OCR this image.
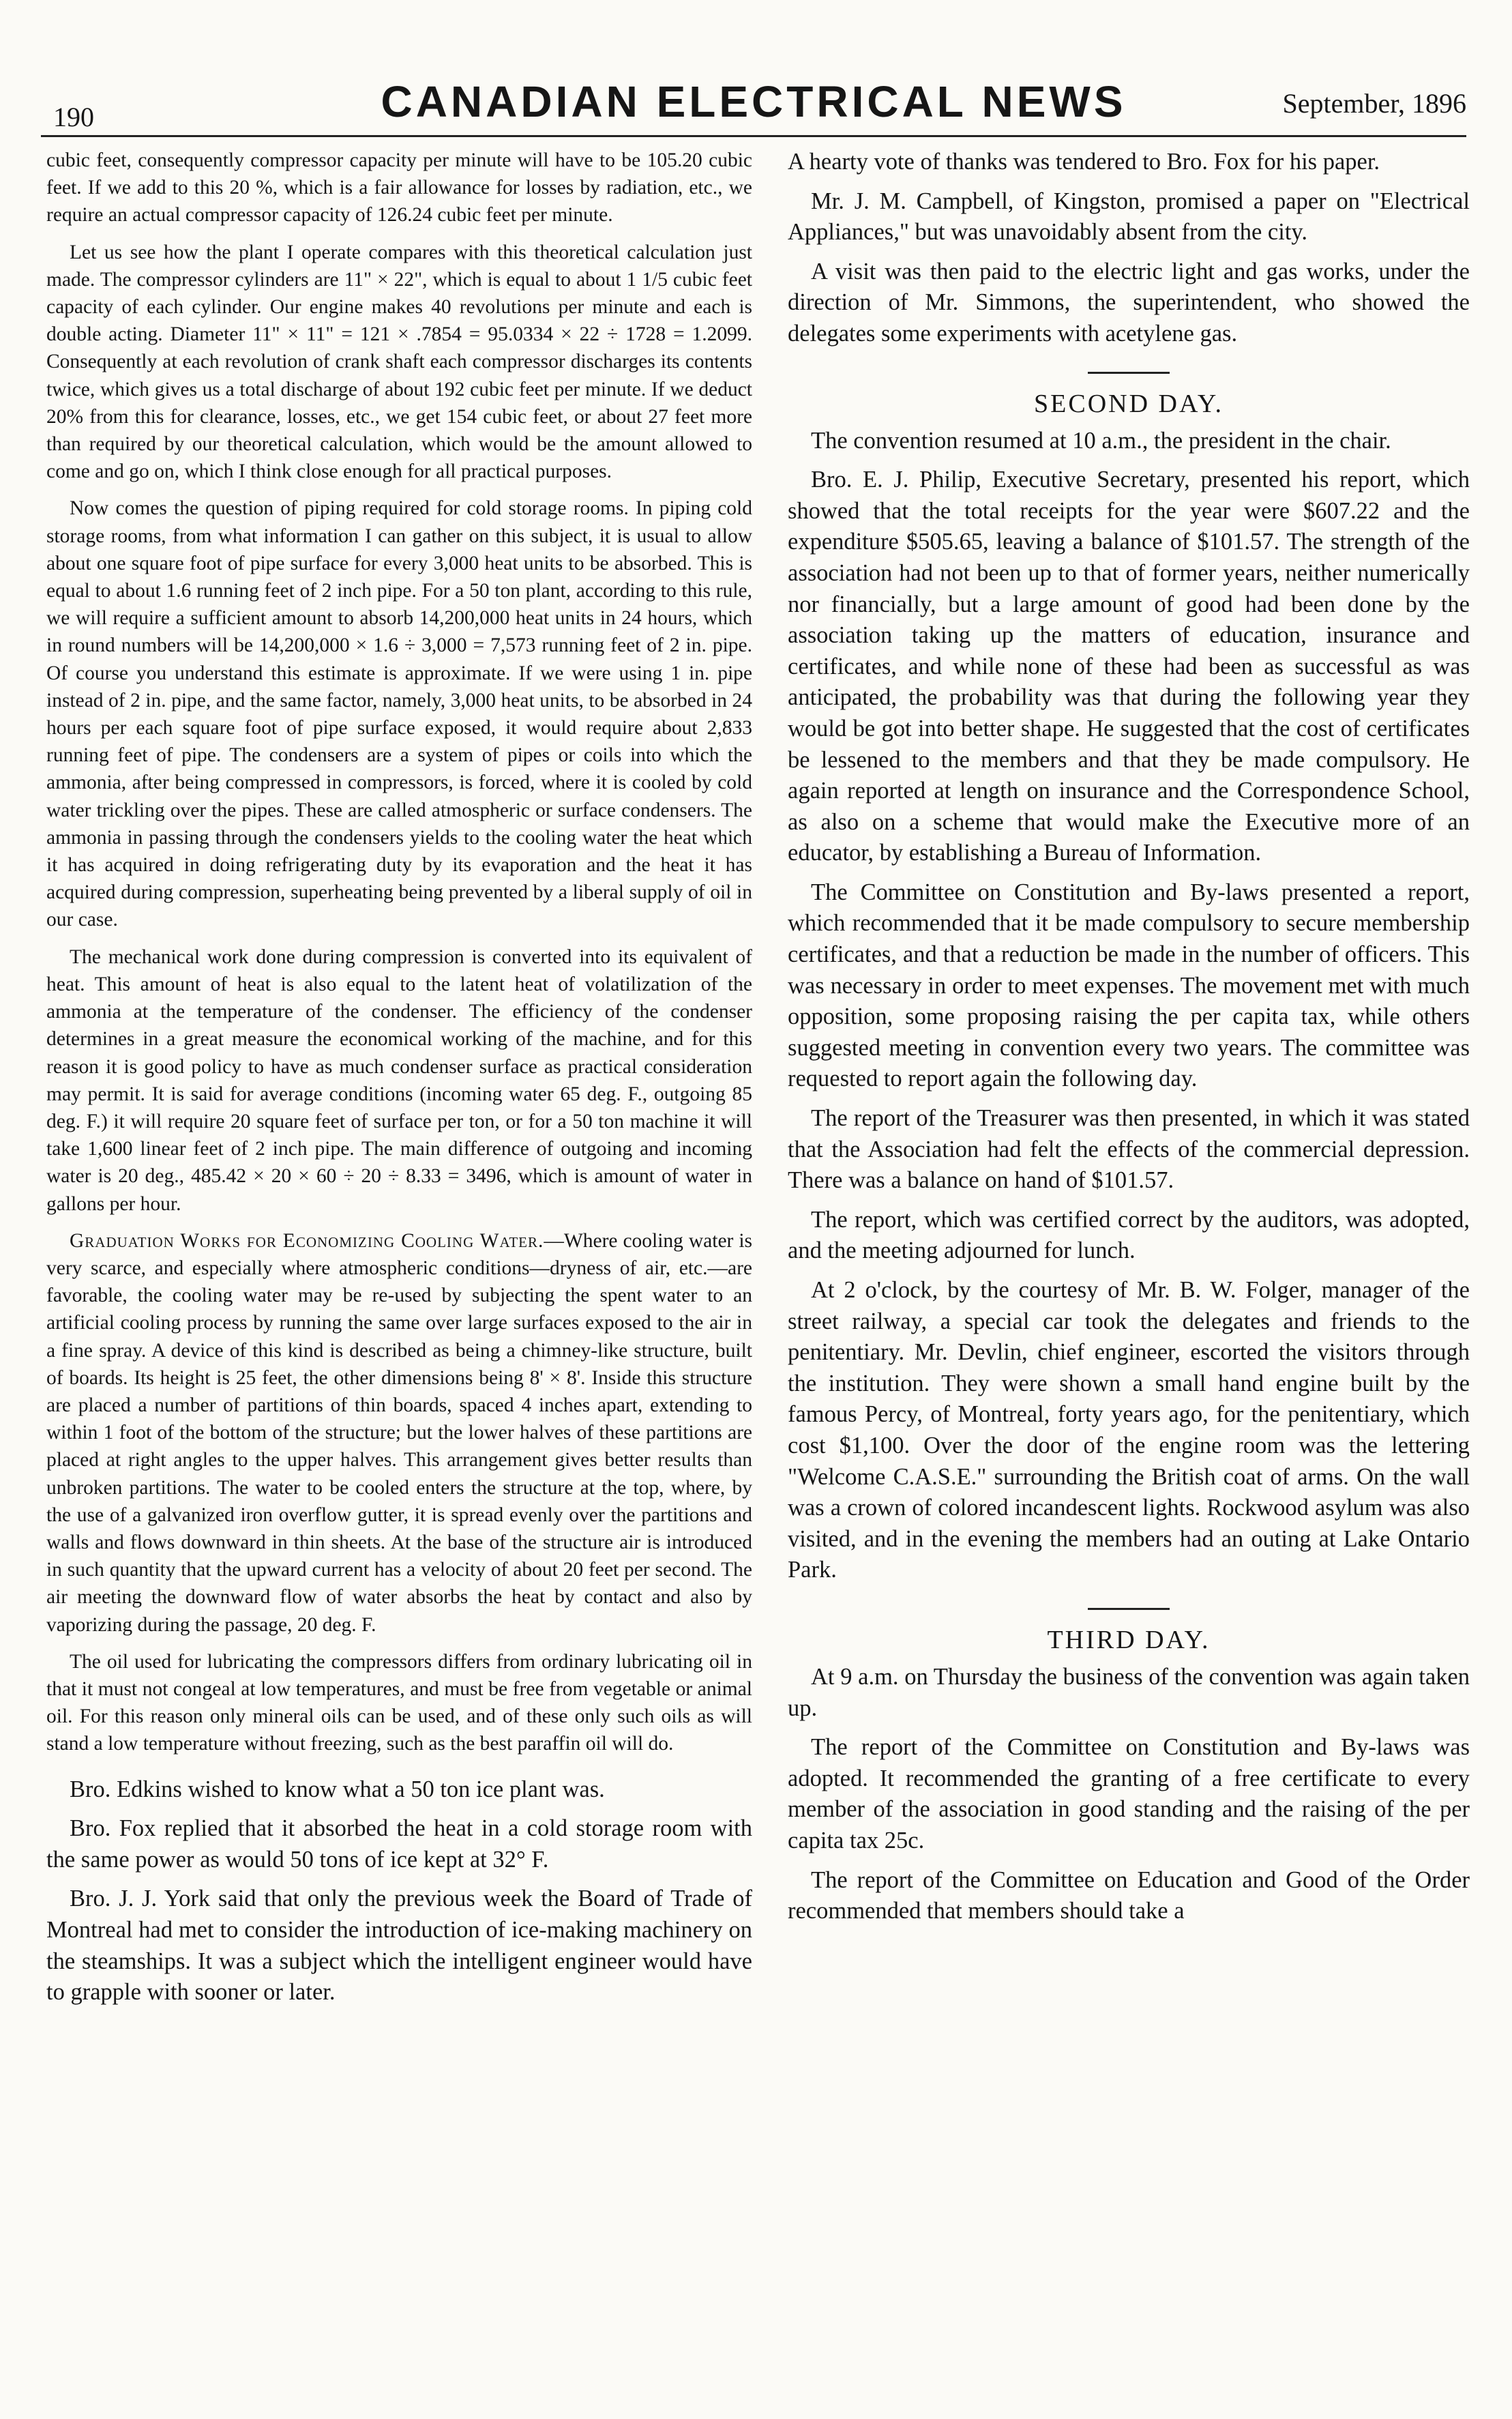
190	CANADIAN ELECTRICAL NEWS	September, 1896

cubic feet, consequently compressor capacity per minute will have to be 105.20 cubic feet. If we add to this 20 %, which is a fair allowance for losses by radiation, etc., we require an actual compressor capacity of 126.24 cubic feet per minute.

Let us see how the plant I operate compares with this theoretical calculation just made. The compressor cylinders are 11" × 22", which is equal to about 1 1/5 cubic feet capacity of each cylinder. Our engine makes 40 revolutions per minute and each is double acting. Diameter 11" × 11" = 121 × .7854 = 95.0334 × 22 ÷ 1728 = 1.2099. Consequently at each revolution of crank shaft each compressor discharges its contents twice, which gives us a total discharge of about 192 cubic feet per minute. If we deduct 20% from this for clearance, losses, etc., we get 154 cubic feet, or about 27 feet more than required by our theoretical calculation, which would be the amount allowed to come and go on, which I think close enough for all practical purposes.

Now comes the question of piping required for cold storage rooms. In piping cold storage rooms, from what information I can gather on this subject, it is usual to allow about one square foot of pipe surface for every 3,000 heat units to be absorbed. This is equal to about 1.6 running feet of 2 inch pipe. For a 50 ton plant, according to this rule, we will require a sufficient amount to absorb 14,200,000 heat units in 24 hours, which in round numbers will be 14,200,000 × 1.6 ÷ 3,000 = 7,573 running feet of 2 in. pipe. Of course you understand this estimate is approximate. If we were using 1 in. pipe instead of 2 in. pipe, and the same factor, namely, 3,000 heat units, to be absorbed in 24 hours per each square foot of pipe surface exposed, it would require about 2,833 running feet of pipe. The condensers are a system of pipes or coils into which the ammonia, after being compressed in compressors, is forced, where it is cooled by cold water trickling over the pipes. These are called atmospheric or surface condensers. The ammonia in passing through the condensers yields to the cooling water the heat which it has acquired in doing refrigerating duty by its evaporation and the heat it has acquired during compression, superheating being prevented by a liberal supply of oil in our case.

The mechanical work done during compression is converted into its equivalent of heat. This amount of heat is also equal to the latent heat of volatilization of the ammonia at the temperature of the condenser. The efficiency of the condenser determines in a great measure the economical working of the machine, and for this reason it is good policy to have as much condenser surface as practical consideration may permit. It is said for average conditions (incoming water 65 deg. F., outgoing 85 deg. F.) it will require 20 square feet of surface per ton, or for a 50 ton machine it will take 1,600 linear feet of 2 inch pipe. The main difference of outgoing and incoming water is 20 deg., 485.42 × 20 × 60 ÷ 20 ÷ 8.33 = 3496, which is amount of water in gallons per hour.

Graduation Works for Economizing Cooling Water.—Where cooling water is very scarce, and especially where atmospheric conditions—dryness of air, etc.—are favorable, the cooling water may be re-used by subjecting the spent water to an artificial cooling process by running the same over large surfaces exposed to the air in a fine spray. A device of this kind is described as being a chimney-like structure, built of boards. Its height is 25 feet, the other dimensions being 8' × 8'. Inside this structure are placed a number of partitions of thin boards, spaced 4 inches apart, extending to within 1 foot of the bottom of the structure; but the lower halves of these partitions are placed at right angles to the upper halves. This arrangement gives better results than unbroken partitions. The water to be cooled enters the structure at the top, where, by the use of a galvanized iron overflow gutter, it is spread evenly over the partitions and walls and flows downward in thin sheets. At the base of the structure air is introduced in such quantity that the upward current has a velocity of about 20 feet per second. The air meeting the downward flow of water absorbs the heat by contact and also by vaporizing during the passage, 20 deg. F.

The oil used for lubricating the compressors differs from ordinary lubricating oil in that it must not congeal at low temperatures, and must be free from vegetable or animal oil. For this reason only mineral oils can be used, and of these only such oils as will stand a low temperature without freezing, such as the best paraffin oil will do.

Bro. Edkins wished to know what a 50 ton ice plant was.

Bro. Fox replied that it absorbed the heat in a cold storage room with the same power as would 50 tons of ice kept at 32° F.

Bro. J. J. York said that only the previous week the Board of Trade of Montreal had met to consider the introduction of ice-making machinery on the steamships. It was a subject which the intelligent engineer would have to grapple with sooner or later.

A hearty vote of thanks was tendered to Bro. Fox for his paper.

Mr. J. M. Campbell, of Kingston, promised a paper on "Electrical Appliances," but was unavoidably absent from the city.

A visit was then paid to the electric light and gas works, under the direction of Mr. Simmons, the superintendent, who showed the delegates some experiments with acetylene gas.

SECOND DAY.

The convention resumed at 10 a.m., the president in the chair.

Bro. E. J. Philip, Executive Secretary, presented his report, which showed that the total receipts for the year were $607.22 and the expenditure $505.65, leaving a balance of $101.57. The strength of the association had not been up to that of former years, neither numerically nor financially, but a large amount of good had been done by the association taking up the matters of education, insurance and certificates, and while none of these had been as successful as was anticipated, the probability was that during the following year they would be got into better shape. He suggested that the cost of certificates be lessened to the members and that they be made compulsory. He again reported at length on insurance and the Correspondence School, as also on a scheme that would make the Executive more of an educator, by establishing a Bureau of Information.

The Committee on Constitution and By-laws presented a report, which recommended that it be made compulsory to secure membership certificates, and that a reduction be made in the number of officers. This was necessary in order to meet expenses. The movement met with much opposition, some proposing raising the per capita tax, while others suggested meeting in convention every two years. The committee was requested to report again the following day.

The report of the Treasurer was then presented, in which it was stated that the Association had felt the effects of the commercial depression. There was a balance on hand of $101.57.

The report, which was certified correct by the auditors, was adopted, and the meeting adjourned for lunch.

At 2 o'clock, by the courtesy of Mr. B. W. Folger, manager of the street railway, a special car took the delegates and friends to the penitentiary. Mr. Devlin, chief engineer, escorted the visitors through the institution. They were shown a small hand engine built by the famous Percy, of Montreal, forty years ago, for the penitentiary, which cost $1,100. Over the door of the engine room was the lettering "Welcome C.A.S.E." surrounding the British coat of arms. On the wall was a crown of colored incandescent lights. Rockwood asylum was also visited, and in the evening the members had an outing at Lake Ontario Park.

THIRD DAY.

At 9 a.m. on Thursday the business of the convention was again taken up.

The report of the Committee on Constitution and By-laws was adopted. It recommended the granting of a free certificate to every member of the association in good standing and the raising of the per capita tax 25c.

The report of the Committee on Education and Good of the Order recommended that members should take a
